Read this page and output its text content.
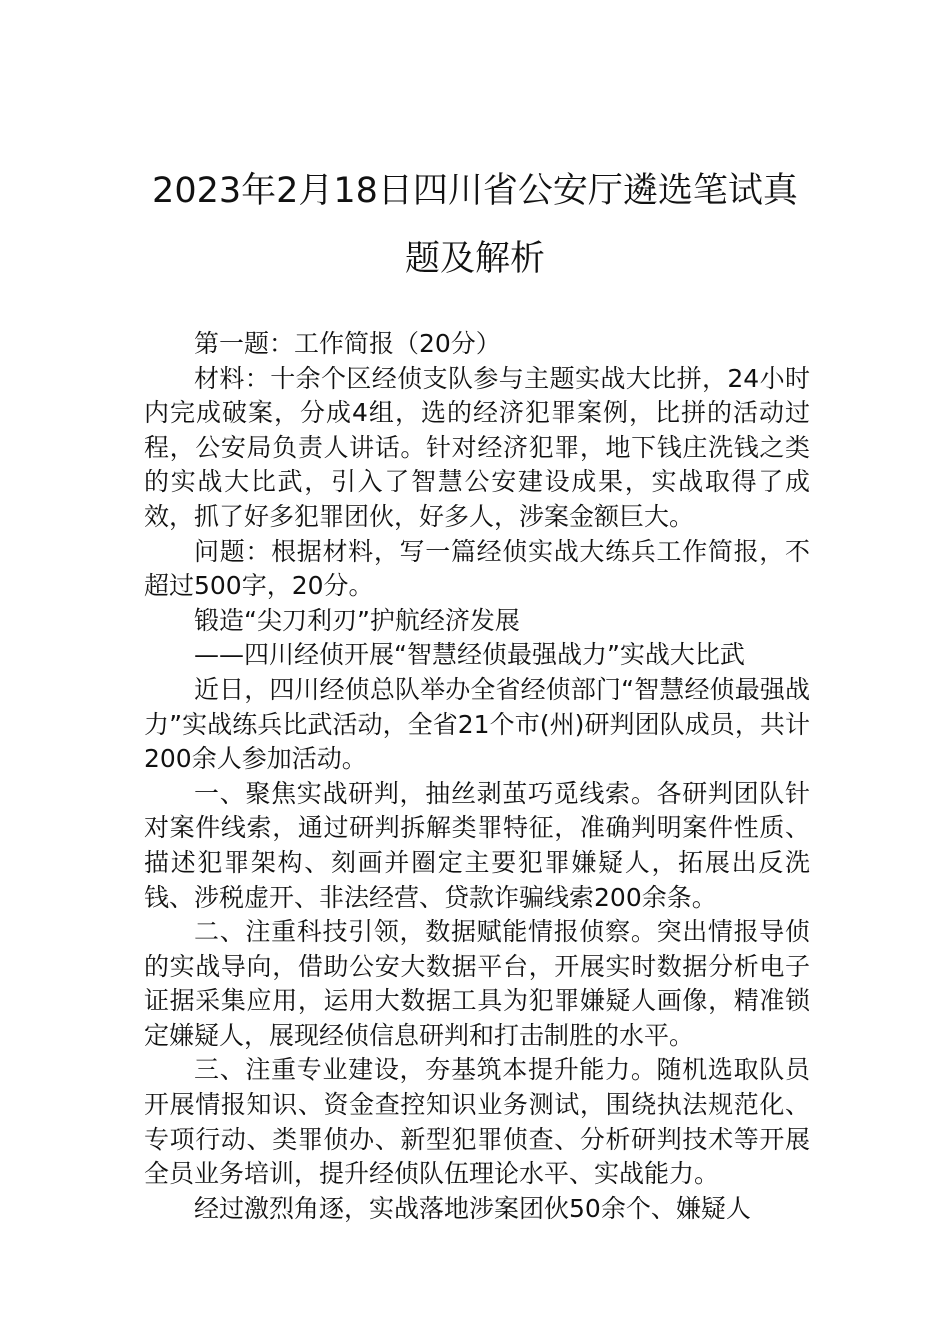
2023年2月18日四川省公安厅遴选笔试真
题及解析

第一题：工作简报（20分）

材料：十余个区经侦支队参与主题实战大比拼，24小时内完成破案，分成4组，选的经济犯罪案例，比拼的活动过程，公安局负责人讲话。针对经济犯罪，地下钱庄洗钱之类的实战大比武，引入了智慧公安建设成果，实战取得了成效，抓了好多犯罪团伙，好多人，涉案金额巨大。

问题：根据材料，写一篇经侦实战大练兵工作简报，不超过500字，20分。

锻造“尖刀利刃”护航经济发展

——四川经侦开展“智慧经侦最强战力”实战大比武

近日，四川经侦总队举办全省经侦部门“智慧经侦最强战力”实战练兵比武活动，全省21个市(州)研判团队成员，共计200余人参加活动。

一、聚焦实战研判，抽丝剥茧巧觅线索。各研判团队针对案件线索，通过研判拆解类罪特征，准确判明案件性质、描述犯罪架构、刻画并圈定主要犯罪嫌疑人，拓展出反洗钱、涉税虚开、非法经营、贷款诈骗线索200余条。

二、注重科技引领，数据赋能情报侦察。突出情报导侦的实战导向，借助公安大数据平台，开展实时数据分析电子证据采集应用，运用大数据工具为犯罪嫌疑人画像，精准锁定嫌疑人，展现经侦信息研判和打击制胜的水平。

三、注重专业建设，夯基筑本提升能力。随机选取队员开展情报知识、资金查控知识业务测试，围绕执法规范化、专项行动、类罪侦办、新型犯罪侦查、分析研判技术等开展全员业务培训，提升经侦队伍理论水平、实战能力。

经过激烈角逐，实战落地涉案团伙50余个、嫌疑人
